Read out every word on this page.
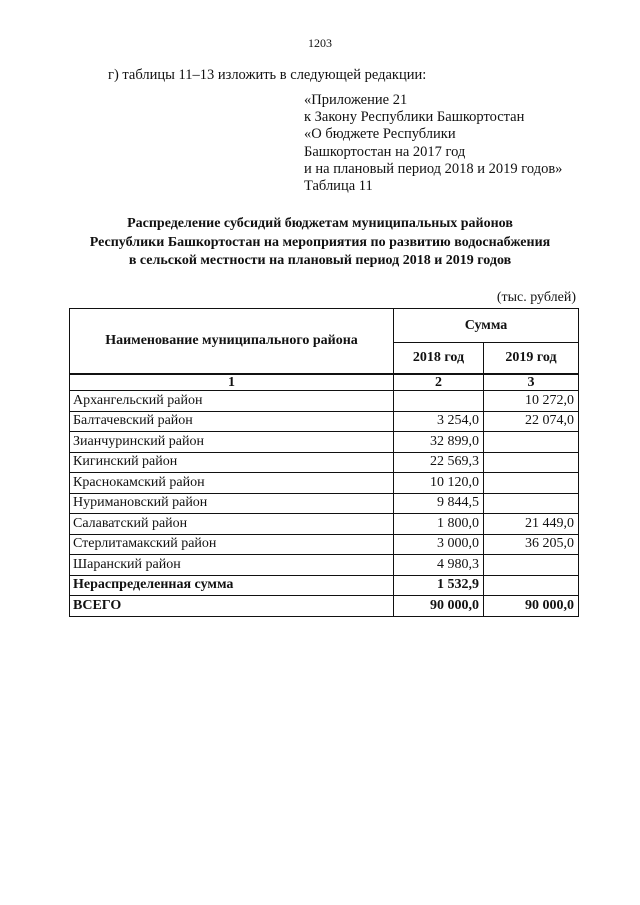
1203
г) таблицы 11–13 изложить в следующей редакции:
«Приложение 21
к Закону Республики Башкортостан
«О бюджете Республики
Башкортостан на 2017 год
и на плановый период 2018 и 2019 годов»
Таблица 11
Распределение субсидий бюджетам муниципальных районов
Республики Башкортостан на мероприятия по развитию водоснабжения
в сельской местности на плановый период 2018 и 2019 годов
(тыс. рублей)
Наименование муниципального района	Сумма	
	2018 год	2019 год
1	2	3
Архангельский район		10 272,0
Балтачевский район	3 254,0	22 074,0
Зианчуринский район	32 899,0	
Кигинский район	22 569,3	
Краснокамский район	10 120,0	
Нуримановский район	9 844,5	
Салаватский район	1 800,0	21 449,0
Стерлитамакский район	3 000,0	36 205,0
Шаранский район	4 980,3	
Нераспределенная сумма	1 532,9	
ВСЕГО	90 000,0	90 000,0
